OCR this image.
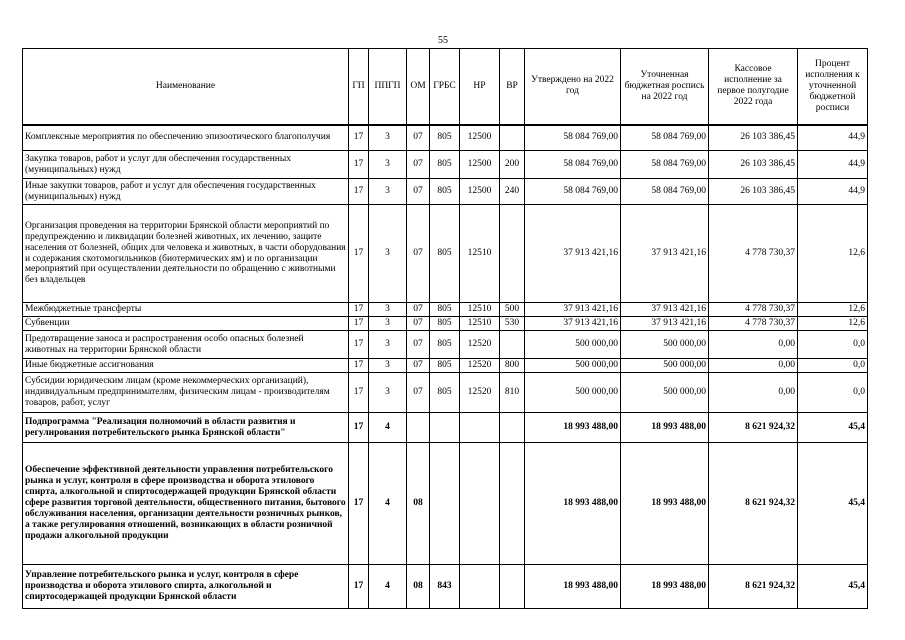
55
Наименование	ГП	ППГП	ОМ	ГРБС	НР	ВР	Утверждено на 2022 год	Уточненная бюджетная роспись на 2022 год	Кассовое исполнение за первое полугодие 2022 года	Процент исполнения к уточненной бюджетной росписи
Комплексные мероприятия по обеспечению эпизоотического благополучия	17	3	07	805	12500		58 084 769,00	58 084 769,00	26 103 386,45	44,9
Закупка товаров, работ и услуг для обеспечения государственных (муниципальных) нужд	17	3	07	805	12500	200	58 084 769,00	58 084 769,00	26 103 386,45	44,9
Иные закупки товаров, работ и услуг для обеспечения государственных (муниципальных) нужд	17	3	07	805	12500	240	58 084 769,00	58 084 769,00	26 103 386,45	44,9
Организация проведения на территории Брянской области мероприятий по предупреждению и ликвидации болезней животных, их лечению, защите населения от болезней, общих для человека и животных, в части оборудования и содержания скотомогильников (биотермических ям) и по организации мероприятий при осуществлении деятельности по обращению с животными без владельцев	17	3	07	805	12510		37 913 421,16	37 913 421,16	4 778 730,37	12,6
Межбюджетные трансферты	17	3	07	805	12510	500	37 913 421,16	37 913 421,16	4 778 730,37	12,6
Субвенции	17	3	07	805	12510	530	37 913 421,16	37 913 421,16	4 778 730,37	12,6
Предотвращение заноса и распространения особо опасных болезней животных на территории Брянской области	17	3	07	805	12520		500 000,00	500 000,00	0,00	0,0
Иные бюджетные ассигнования	17	3	07	805	12520	800	500 000,00	500 000,00	0,00	0,0
Субсидии юридическим лицам (кроме некоммерческих организаций), индивидуальным предпринимателям, физическим лицам - производителям товаров, работ, услуг	17	3	07	805	12520	810	500 000,00	500 000,00	0,00	0,0
Подпрограмма "Реализация полномочий в области развития и регулирования потребительского рынка Брянской области"	17	4					18 993 488,00	18 993 488,00	8 621 924,32	45,4
Обеспечение эффективной деятельности управления потребительского рынка и услуг, контроля в сфере производства и оборота этилового спирта, алкогольной и спиртосодержащей продукции Брянской области сфере развития торговой деятельности, общественного питания, бытового обслуживания населения, организации деятельности розничных рынков, а также регулирования отношений, возникающих в области розничной продажи алкогольной продукции	17	4	08				18 993 488,00	18 993 488,00	8 621 924,32	45,4
Управление потребительского рынка и услуг, контроля в сфере производства и оборота этилового спирта, алкогольной и спиртосодержащей продукции Брянской области	17	4	08	843			18 993 488,00	18 993 488,00	8 621 924,32	45,4
